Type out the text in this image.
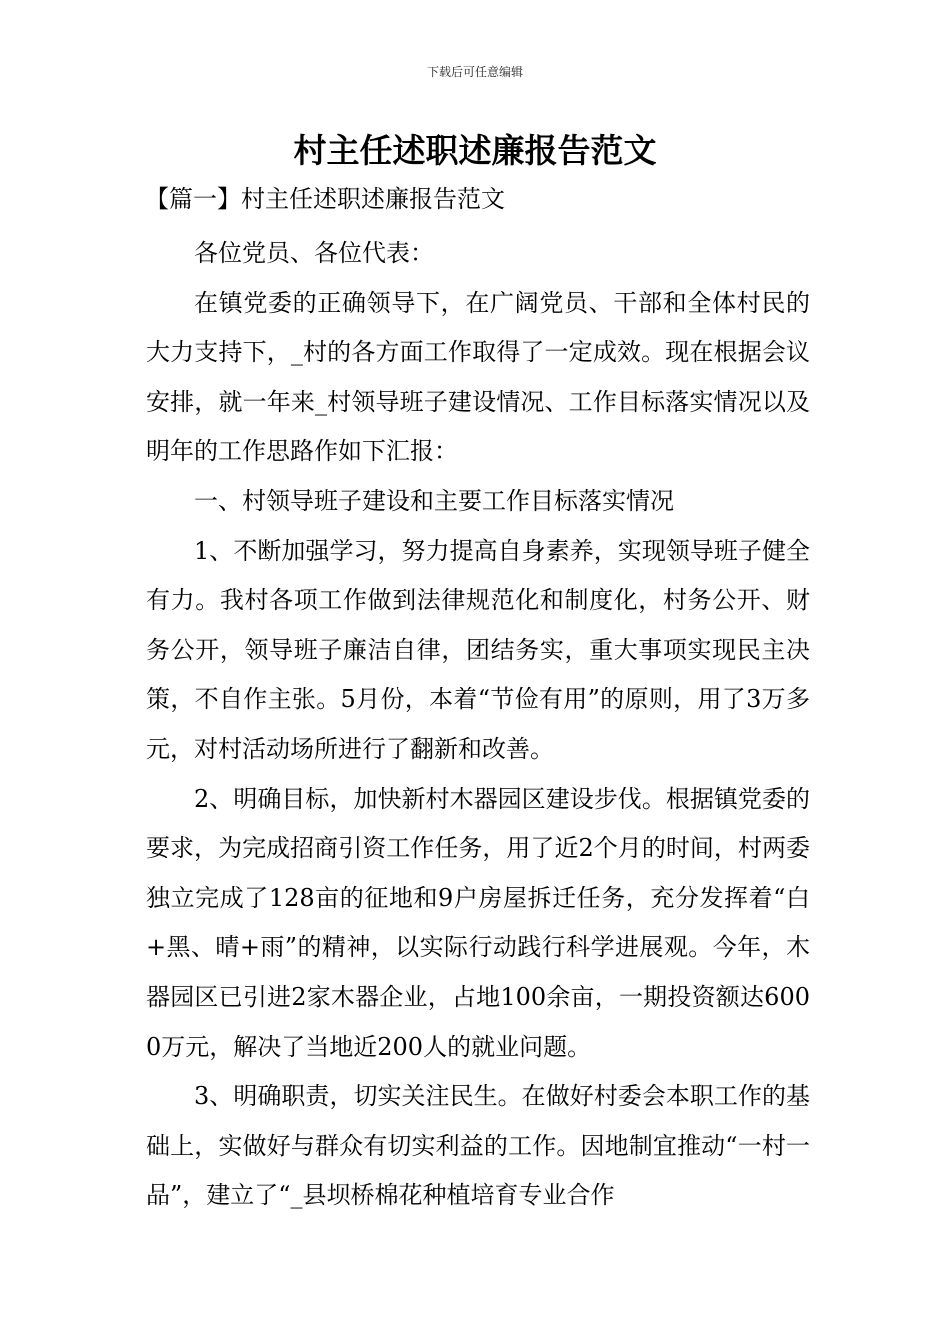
下载后可任意编辑
村主任述职述廉报告范文
【篇一】村主任述职述廉报告范文

各位党员、各位代表：

在镇党委的正确领导下，在广阔党员、干部和全体村民的大力支持下，_村的各方面工作取得了一定成效。现在根据会议安排，就一年来_村领导班子建设情况、工作目标落实情况以及明年的工作思路作如下汇报：

一、村领导班子建设和主要工作目标落实情况

1、不断加强学习，努力提高自身素养，实现领导班子健全有力。我村各项工作做到法律规范化和制度化，村务公开、财务公开，领导班子廉洁自律，团结务实，重大事项实现民主决策，不自作主张。5月份，本着“节俭有用”的原则，用了3万多元，对村活动场所进行了翻新和改善。

2、明确目标，加快新村木器园区建设步伐。根据镇党委的要求，为完成招商引资工作任务，用了近2个月的时间，村两委独立完成了128亩的征地和9户房屋拆迁任务，充分发挥着“白+黑、晴+雨”的精神，以实际行动践行科学进展观。今年，木器园区已引进2家木器企业，占地100余亩，一期投资额达6000万元，解决了当地近200人的就业问题。

3、明确职责，切实关注民生。在做好村委会本职工作的基础上，实做好与群众有切实利益的工作。因地制宜推动“一村一品”，建立了“_县坝桥棉花种植培育专业合作
